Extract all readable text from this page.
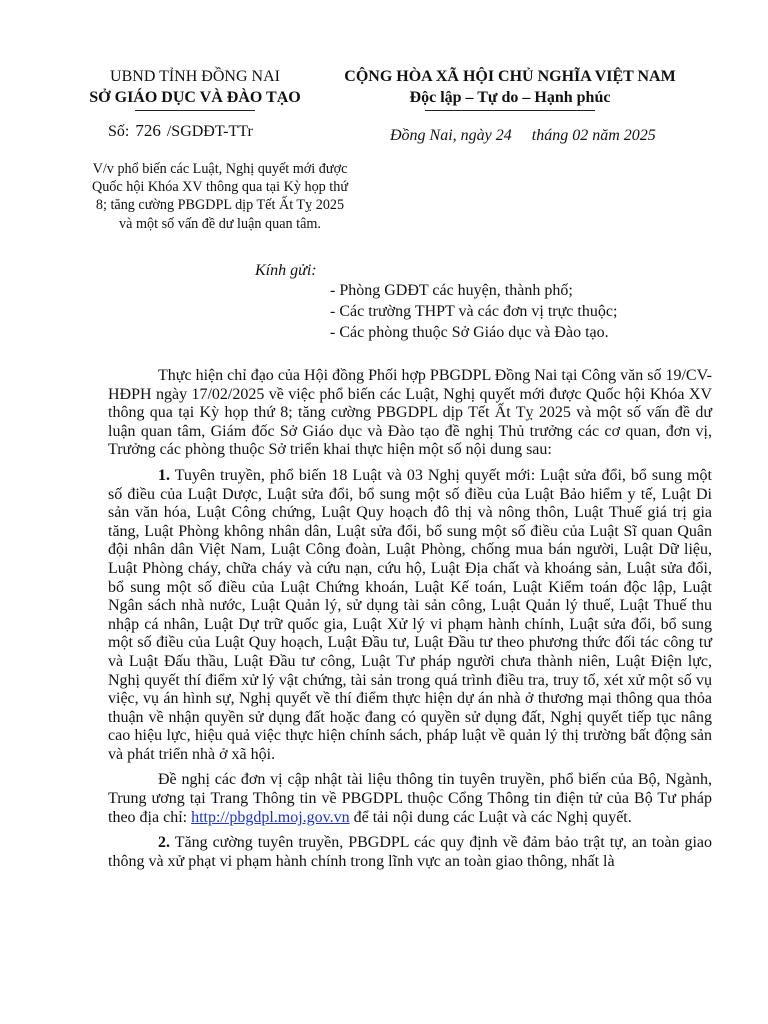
UBND TỈNH ĐỒNG NAI
SỞ GIÁO DỤC VÀ ĐÀO TẠO
CỘNG HÒA XÃ HỘI CHỦ NGHĨA VIỆT NAM
Độc lập – Tự do – Hạnh phúc
Số: 726 /SGDĐT-TTr	Đồng Nai, ngày 24 tháng 02 năm 2025
V/v phổ biến các Luật, Nghị quyết mới được Quốc hội Khóa XV thông qua tại Kỳ họp thứ 8; tăng cường PBGDPL dịp Tết Ất Tỵ 2025 và một số vấn đề dư luận quan tâm.
Kính gửi:
- Phòng GDĐT các huyện, thành phố;
- Các trường THPT và các đơn vị trực thuộc;
- Các phòng thuộc Sở Giáo dục và Đào tạo.

Thực hiện chỉ đạo của Hội đồng Phối hợp PBGDPL Đồng Nai tại Công văn số 19/CV-HĐPH ngày 17/02/2025 về việc phổ biến các Luật, Nghị quyết mới được Quốc hội Khóa XV thông qua tại Kỳ họp thứ 8; tăng cường PBGDPL dịp Tết Ất Tỵ 2025 và một số vấn đề dư luận quan tâm, Giám đốc Sở Giáo dục và Đào tạo đề nghị Thủ trưởng các cơ quan, đơn vị, Trưởng các phòng thuộc Sở triển khai thực hiện một số nội dung sau:

1. Tuyên truyền, phổ biến 18 Luật và 03 Nghị quyết mới: Luật sửa đổi, bổ sung một số điều của Luật Dược, Luật sửa đổi, bổ sung một số điều của Luật Bảo hiểm y tế, Luật Di sản văn hóa, Luật Công chứng, Luật Quy hoạch đô thị và nông thôn, Luật Thuế giá trị gia tăng, Luật Phòng không nhân dân, Luật sửa đổi, bổ sung một số điều của Luật Sĩ quan Quân đội nhân dân Việt Nam, Luật Công đoàn, Luật Phòng, chống mua bán người, Luật Dữ liệu, Luật Phòng cháy, chữa cháy và cứu nạn, cứu hộ, Luật Địa chất và khoáng sản, Luật sửa đổi, bổ sung một số điều của Luật Chứng khoán, Luật Kế toán, Luật Kiểm toán độc lập, Luật Ngân sách nhà nước, Luật Quản lý, sử dụng tài sản công, Luật Quản lý thuế, Luật Thuế thu nhập cá nhân, Luật Dự trữ quốc gia, Luật Xử lý vi phạm hành chính, Luật sửa đổi, bổ sung một số điều của Luật Quy hoạch, Luật Đầu tư, Luật Đầu tư theo phương thức đối tác công tư và Luật Đấu thầu, Luật Đầu tư công, Luật Tư pháp người chưa thành niên, Luật Điện lực, Nghị quyết thí điểm xử lý vật chứng, tài sản trong quá trình điều tra, truy tố, xét xử một số vụ việc, vụ án hình sự, Nghị quyết về thí điểm thực hiện dự án nhà ở thương mại thông qua thỏa thuận về nhận quyền sử dụng đất hoặc đang có quyền sử dụng đất, Nghị quyết tiếp tục nâng cao hiệu lực, hiệu quả việc thực hiện chính sách, pháp luật về quản lý thị trường bất động sản và phát triển nhà ở xã hội.

Đề nghị các đơn vị cập nhật tài liệu thông tin tuyên truyền, phổ biến của Bộ, Ngành, Trung ương tại Trang Thông tin về PBGDPL thuộc Cổng Thông tin điện tử của Bộ Tư pháp theo địa chỉ: http://pbgdpl.moj.gov.vn để tải nội dung các Luật và các Nghị quyết.

2. Tăng cường tuyên truyền, PBGDPL các quy định về đảm bảo trật tự, an toàn giao thông và xử phạt vi phạm hành chính trong lĩnh vực an toàn giao thông, nhất là
